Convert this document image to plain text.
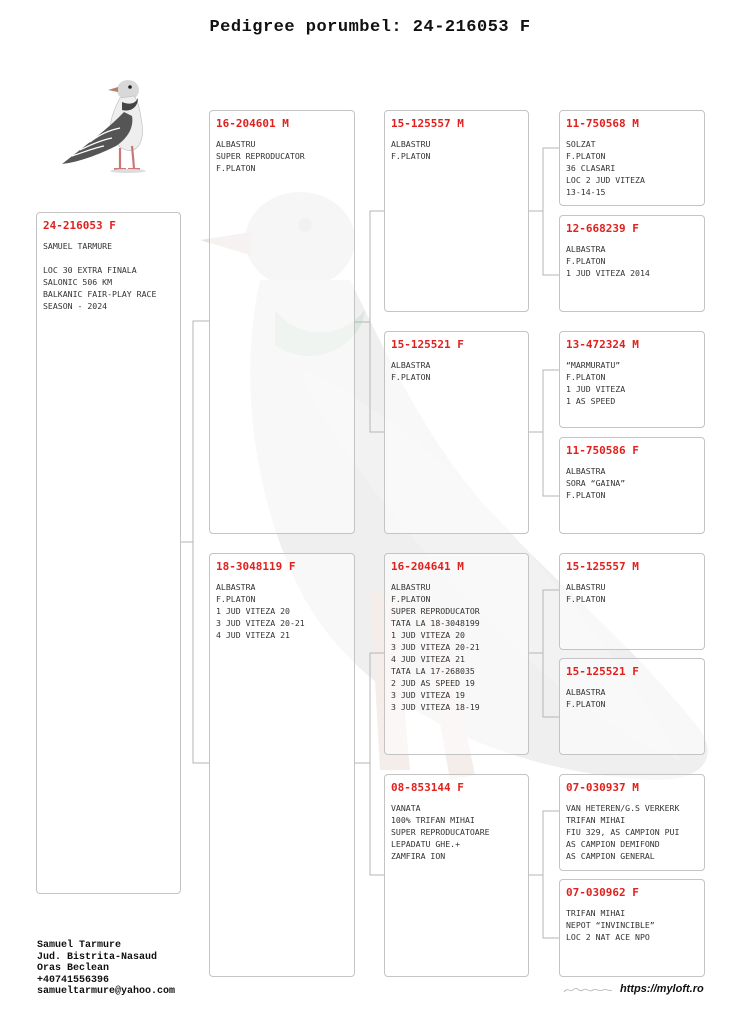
Pedigree porumbel: 24-216053 F
24-216053 F
SAMUEL TARMURE
LOC 30 EXTRA FINALA
SALONIC 506 KM
BALKANIC FAIR-PLAY RACE
SEASON - 2024
16-204601 M
ALBASTRU
SUPER REPRODUCATOR
F.PLATON
18-3048119 F
ALBASTRA
F.PLATON
1 JUD VITEZA 20
3 JUD VITEZA 20-21
4 JUD VITEZA 21
15-125557 M
ALBASTRU
F.PLATON
15-125521 F
ALBASTRA
F.PLATON
16-204641 M
ALBASTRU
F.PLATON
SUPER REPRODUCATOR
TATA LA 18-3048199
1 JUD VITEZA 20
3 JUD VITEZA 20-21
4 JUD VITEZA 21
TATA LA 17-268035
2 JUD AS SPEED 19
3 JUD VITEZA 19
3 JUD VITEZA 18-19
08-853144 F
VANATA
100% TRIFAN MIHAI
SUPER REPRODUCATOARE
LEPADATU GHE.+
ZAMFIRA ION
11-750568 M
SOLZAT
F.PLATON
36 CLASARI
LOC 2 JUD VITEZA
13-14-15
12-668239 F
ALBASTRA
F.PLATON
1 JUD VITEZA 2014
13-472324 M
“MARMURATU”
F.PLATON
1 JUD VITEZA
1 AS SPEED
11-750586 F
ALBASTRA
SORA “GAINA”
F.PLATON
15-125557 M
ALBASTRU
F.PLATON
15-125521 F
ALBASTRA
F.PLATON
07-030937 M
VAN HETEREN/G.S VERKERK
TRIFAN MIHAI
FIU 329, AS CAMPION PUI
AS CAMPION DEMIFOND
AS CAMPION GENERAL
07-030962 F
TRIFAN MIHAI
NEPOT “INVINCIBLE”
LOC 2 NAT ACE NPO
Samuel Tarmure
Jud. Bistrita-Nasaud
Oras Beclean
+40741556396
samueltarmure@yahoo.com	https://myloft.ro
